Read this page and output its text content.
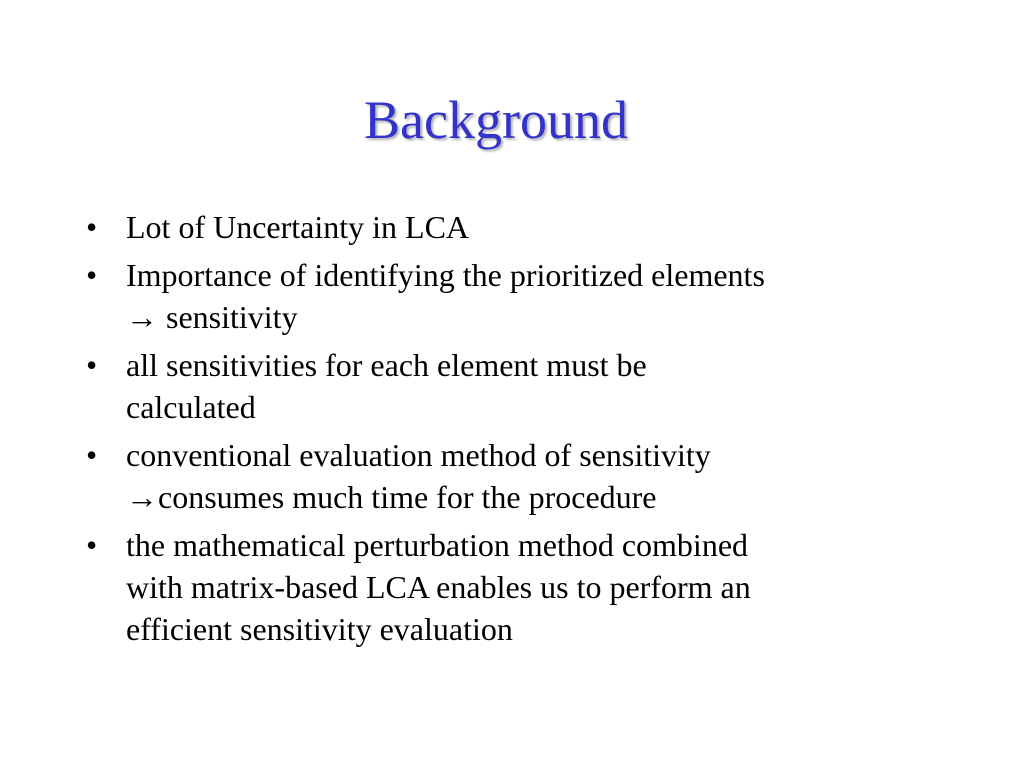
Background
• Lot of Uncertainty in LCA
• Importance of identifying the prioritized elements
→ sensitivity
• all sensitivities for each element must be
calculated
• conventional evaluation method of sensitivity
→consumes much time for the procedure
• the mathematical perturbation method combined
with matrix-based LCA enables us to perform an
efficient sensitivity evaluation
